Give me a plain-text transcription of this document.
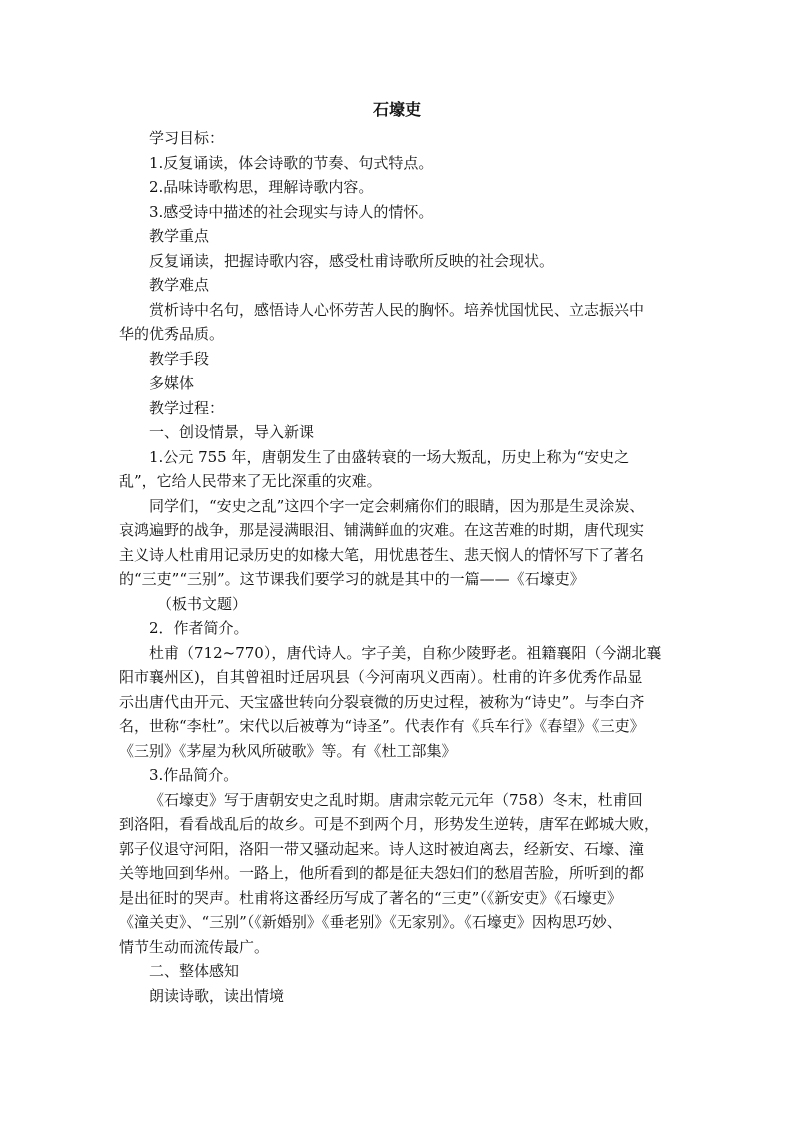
石壕吏
学习目标：
1.反复诵读，体会诗歌的节奏、句式特点。
2.品味诗歌构思，理解诗歌内容。
3.感受诗中描述的社会现实与诗人的情怀。
教学重点
反复诵读，把握诗歌内容，感受杜甫诗歌所反映的社会现状。
教学难点
赏析诗中名句，感悟诗人心怀劳苦人民的胸怀。培养忧国忧民、立志振兴中
华的优秀品质。
教学手段
多媒体
教学过程：
一、创设情景，导入新课
1.公元 755 年，唐朝发生了由盛转衰的一场大叛乱，历史上称为“安史之
乱”，它给人民带来了无比深重的灾难。
同学们，“安史之乱”这四个字一定会刺痛你们的眼睛，因为那是生灵涂炭、
哀鸿遍野的战争，那是浸满眼泪、铺满鲜血的灾难。在这苦难的时期，唐代现实
主义诗人杜甫用记录历史的如椽大笔，用忧患苍生、悲天悯人的情怀写下了著名
的“三吏”“三别”。这节课我们要学习的就是其中的一篇——《石壕吏》
（板书文题）
2．作者简介。
杜甫（712~770），唐代诗人。字子美，自称少陵野老。祖籍襄阳（今湖北襄
阳市襄州区)，自其曾祖时迁居巩县（今河南巩义西南）。杜甫的许多优秀作品显
示出唐代由开元、天宝盛世转向分裂衰微的历史过程，被称为“诗史”。与李白齐
名，世称“李杜”。宋代以后被尊为“诗圣”。代表作有《兵车行》《春望》《三吏》
《三别》《茅屋为秋风所破歌》等。有《杜工部集》
3.作品简介。
《石壕吏》写于唐朝安史之乱时期。唐肃宗乾元元年（758）冬末，杜甫回
到洛阳，看看战乱后的故乡。可是不到两个月，形势发生逆转，唐军在邺城大败，
郭子仪退守河阳，洛阳一带又骚动起来。诗人这时被迫离去，经新安、石壕、潼
关等地回到华州。一路上，他所看到的都是征夫怨妇们的愁眉苦脸，所听到的都
是出征时的哭声。杜甫将这番经历写成了著名的“三吏”（《新安吏》《石壕吏》
《潼关吏》、“三别”（《新婚别》《垂老别》《无家别》。《石壕吏》因构思巧妙、
情节生动而流传最广。
二、整体感知
朗读诗歌，读出情境
